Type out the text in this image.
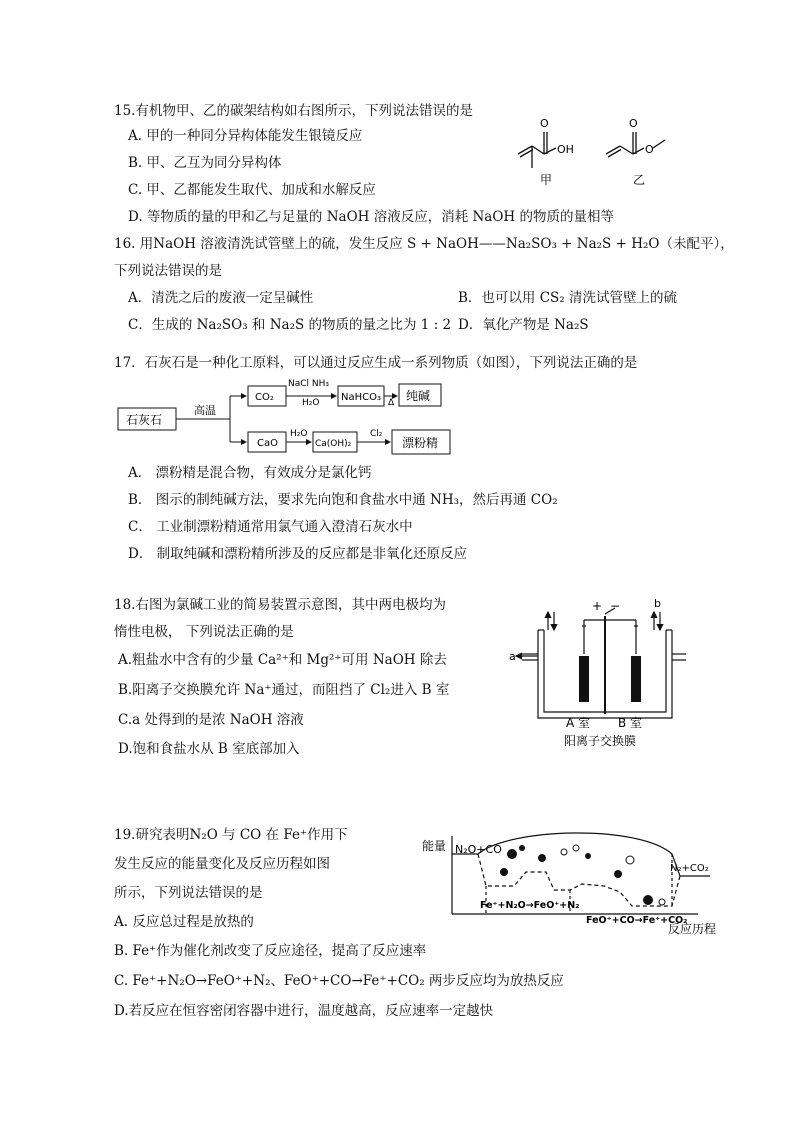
15.有机物甲、乙的碳架结构如右图所示，下列说法错误的是
A. 甲的一种同分异构体能发生银镜反应
B. 甲、乙互为同分异构体
C. 甲、乙都能发生取代、加成和水解反应
D. 等物质的量的甲和乙与足量的 NaOH 溶液反应，消耗 NaOH 的物质的量相等
O
OH
O
O
甲	乙
16. 用NaOH 溶液清洗试管壁上的硫，发生反应 S + NaOH——Na₂SO₃ + Na₂S + H₂O（未配平），
下列说法错误的是
A．清洗之后的废液一定呈碱性	B．也可以用 CS₂ 清洗试管壁上的硫
C．生成的 Na₂SO₃ 和 Na₂S 的物质的量之比为 1 : 2 D．氧化产物是 Na₂S
17．石灰石是一种化工原料，可以通过反应生成一系列物质（如图），下列说法正确的是
石灰石
高温
CO₂
NaCl NH₃
H₂O NaHCO₃ Δ 纯碱
CaO
H₂O
Ca(OH)₂
Cl₂
漂粉精
A． 漂粉精是混合物，有效成分是氯化钙
B． 图示的制纯碱方法，要求先向饱和食盐水中通 NH₃，然后再通 CO₂
C． 工业制漂粉精通常用氯气通入澄清石灰水中
D． 制取纯碱和漂粉精所涉及的反应都是非氧化还原反应
18.右图为氯碱工业的简易装置示意图，其中两电极均为
惰性电极， 下列说法正确的是
A.粗盐水中含有的少量 Ca²⁺和 Mg²⁺可用 NaOH 除去
B.阳离子交换膜允许 Na⁺通过，而阻挡了 Cl₂进入 B 室
C.a 处得到的是浓 NaOH 溶液
D.饱和食盐水从 B 室底部加入
+ −
a
b
A 室 B 室
阳离子交换膜
19.研究表明N₂O 与 CO 在 Fe⁺作用下
发生反应的能量变化及反应历程如图
所示，下列说法错误的是
A. 反应总过程是放热的
B. Fe⁺作为催化剂改变了反应途径，提高了反应速率
C. Fe⁺+N₂O→FeO⁺+N₂、FeO⁺+CO→Fe⁺+CO₂ 两步反应均为放热反应
D.若反应在恒容密闭容器中进行，温度越高，反应速率一定越快
能量 N₂O+CO
N₂+CO₂
Fe⁺+N₂O→FeO⁺+N₂
FeO⁺+CO→Fe⁺+CO₂
反应历程
